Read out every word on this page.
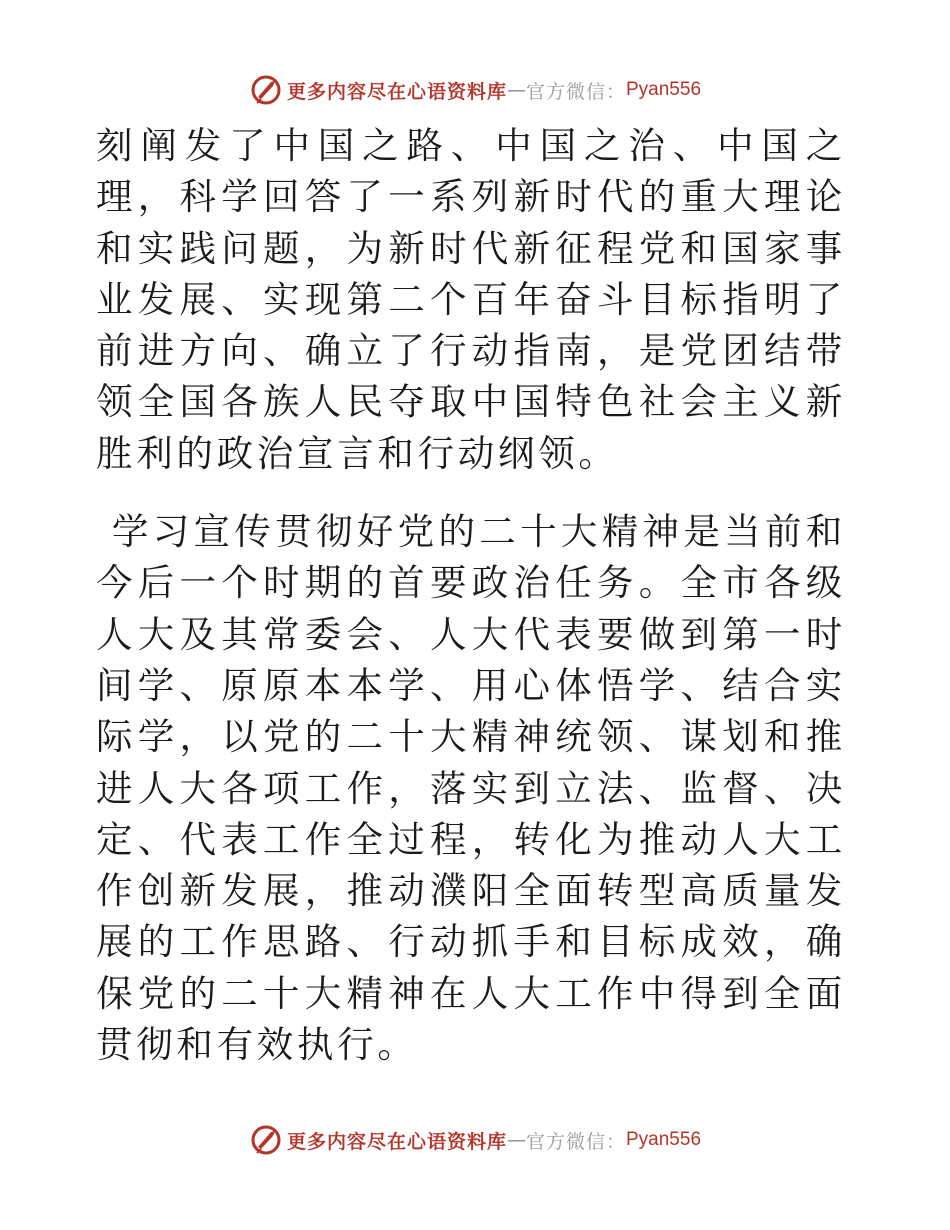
更多内容尽在心语资料库 — 官方微信： Pyan556

刻阐发了中国之路、中国之治、中国之理，科学回答了一系列新时代的重大理论和实践问题，为新时代新征程党和国家事业发展、实现第二个百年奋斗目标指明了前进方向、确立了行动指南，是党团结带领全国各族人民夺取中国特色社会主义新胜利的政治宣言和行动纲领。

学习宣传贯彻好党的二十大精神是当前和今后一个时期的首要政治任务。全市各级人大及其常委会、人大代表要做到第一时间学、原原本本学、用心体悟学、结合实际学，以党的二十大精神统领、谋划和推进人大各项工作，落实到立法、监督、决定、代表工作全过程，转化为推动人大工作创新发展，推动濮阳全面转型高质量发展的工作思路、行动抓手和目标成效，确保党的二十大精神在人大工作中得到全面贯彻和有效执行。

更多内容尽在心语资料库 — 官方微信： Pyan556
